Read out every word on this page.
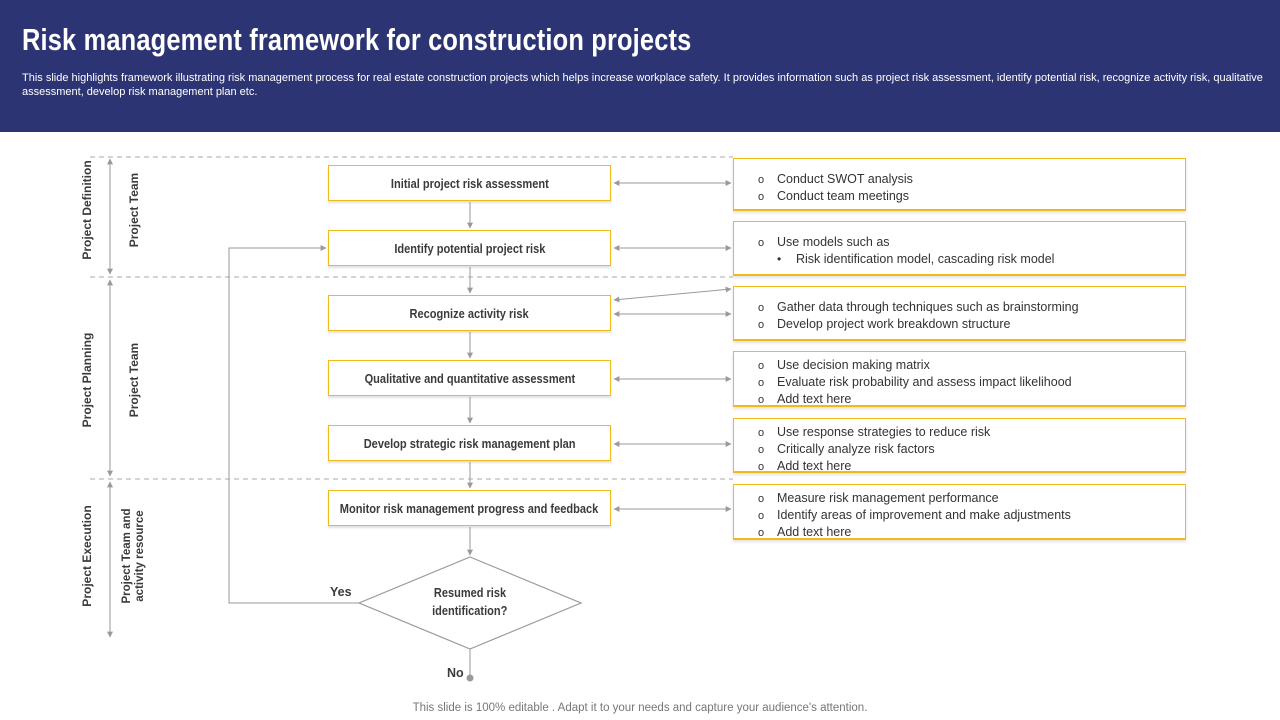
Risk management framework for construction projects
This slide highlights framework illustrating risk management process for real estate construction projects which helps increase workplace safety. It provides information such as project risk assessment, identify potential risk, recognize activity risk, qualitative assessment, develop risk management plan etc.
Project Definition	Project Team
Project Planning	Project Team
Project Execution Project Team and activity resource
Initial project risk assessment
Identify potential project risk
Recognize activity risk
Qualitative and quantitative assessment
Develop strategic risk management plan
Monitor risk management progress and feedback
Resumed risk
identification?
Yes
No
o Conduct SWOT analysis
o Conduct team meetings
o Use models such as
• Risk identification model, cascading risk model
o Gather data through techniques such as brainstorming
o Develop project work breakdown structure
o Use decision making matrix
o Evaluate risk probability and assess impact likelihood
o Add text here
o Use response strategies to reduce risk
o Critically analyze risk factors
o Add text here
o Measure risk management performance
o Identify areas of improvement and make adjustments
o Add text here
This slide is 100% editable . Adapt it to your needs and capture your audience's attention.
